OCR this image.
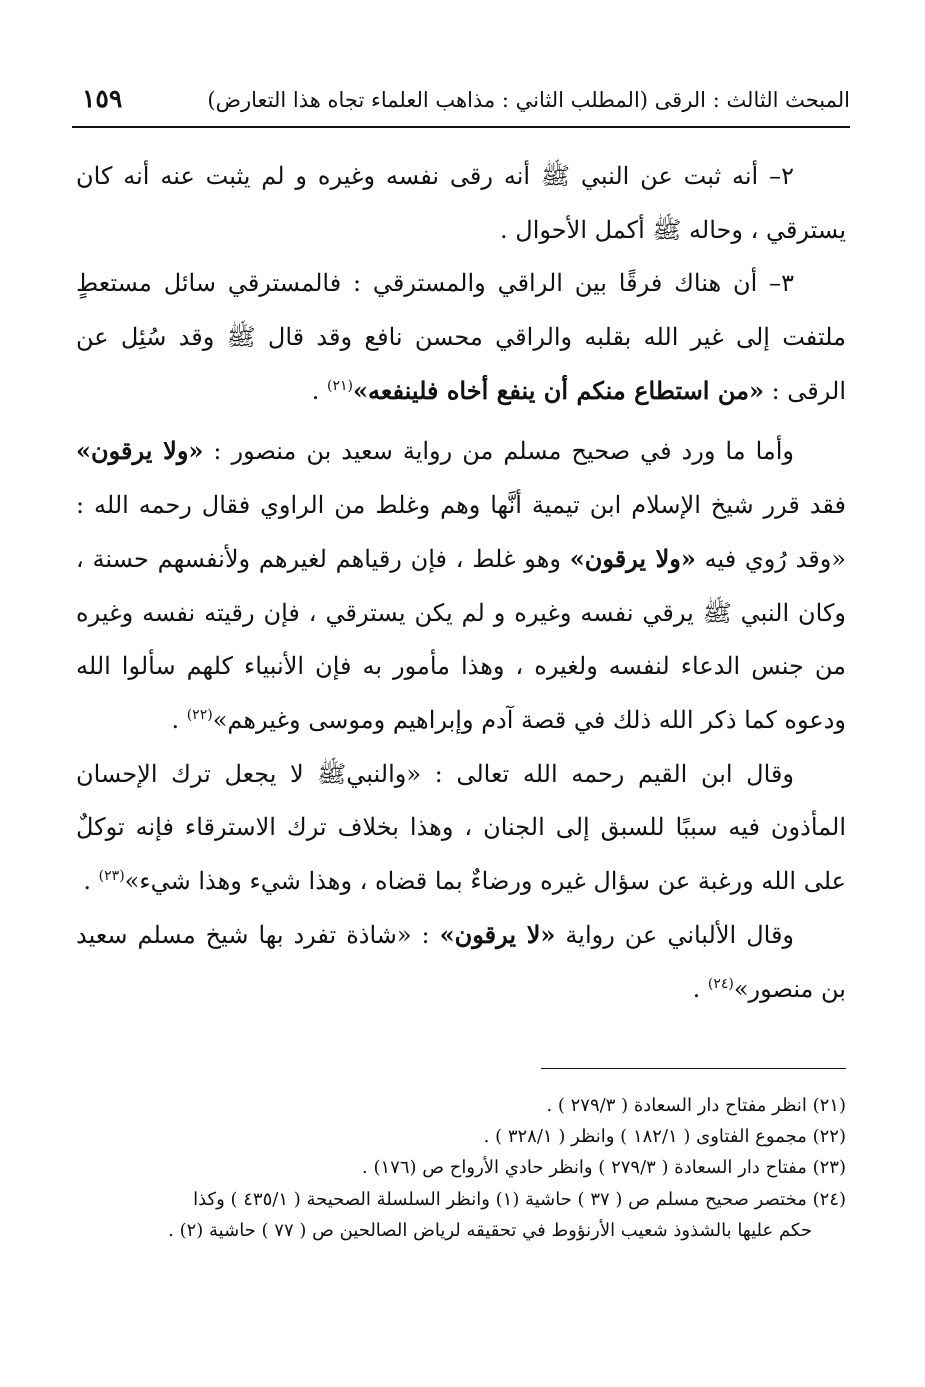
المبحث الثالث : الرقى (المطلب الثاني : مذاهب العلماء تجاه هذا التعارض)
١٥٩

٢– أنه ثبت عن النبي ﷺ أنه رقى نفسه وغيره و لم يثبت عنه أنه كان يسترقي ، وحاله ﷺ أكمل الأحوال .

٣– أن هناك فرقًا بين الراقي والمسترقي : فالمسترقي سائل مستعطٍ ملتفت إلى غير الله بقلبه والراقي محسن نافع وقد قال ﷺ وقد سُئِل عن الرقى : «من استطاع منكم أن ينفع أخاه فلينفعه»$^{(٢١)}$ .

وأما ما ورد في صحيح مسلم من رواية سعيد بن منصور : «ولا يرقون» فقد قرر شيخ الإسلام ابن تيمية أنَّها وهم وغلط من الراوي فقال رحمه الله : «وقد رُوي فيه «ولا يرقون» وهو غلط ، فإن رقياهم لغيرهم ولأنفسهم حسنة ، وكان النبي ﷺ يرقي نفسه وغيره و لم يكن يسترقي ، فإن رقيته نفسه وغيره من جنس الدعاء لنفسه ولغيره ، وهذا مأمور به فإن الأنبياء كلهم سألوا الله ودعوه كما ذكر الله ذلك في قصة آدم وإبراهيم وموسى وغيرهم»$^{(٢٢)}$ .

وقال ابن القيم رحمه الله تعالى : «والنبيﷺ لا يجعل ترك الإحسان المأذون فيه سببًا للسبق إلى الجنان ، وهذا بخلاف ترك الاسترقاء فإنه توكلٌ على الله ورغبة عن سؤال غيره ورضاءٌ بما قضاه ، وهذا شيء وهذا شيء»$^{(٢٣)}$ .

وقال الألباني عن رواية «لا يرقون» : «شاذة تفرد بها شيخ مسلم سعيد بن منصور»$^{(٢٤)}$ .

(٢١) انظر مفتاح دار السعادة ( ٢٧٩/٣ ) .

(٢٢) مجموع الفتاوى ( ١٨٢/١ ) وانظر ( ٣٢٨/١ ) .

(٢٣) مفتاح دار السعادة ( ٢٧٩/٣ ) وانظر حادي الأرواح ص (١٧٦) .

(٢٤) مختصر صحيح مسلم ص ( ٣٧ ) حاشية (١) وانظر السلسلة الصحيحة ( ٤٣٥/١ ) وكذا

حكم عليها بالشذوذ شعيب الأرنؤوط في تحقيقه لرياض الصالحين ص ( ٧٧ ) حاشية (٢) .
